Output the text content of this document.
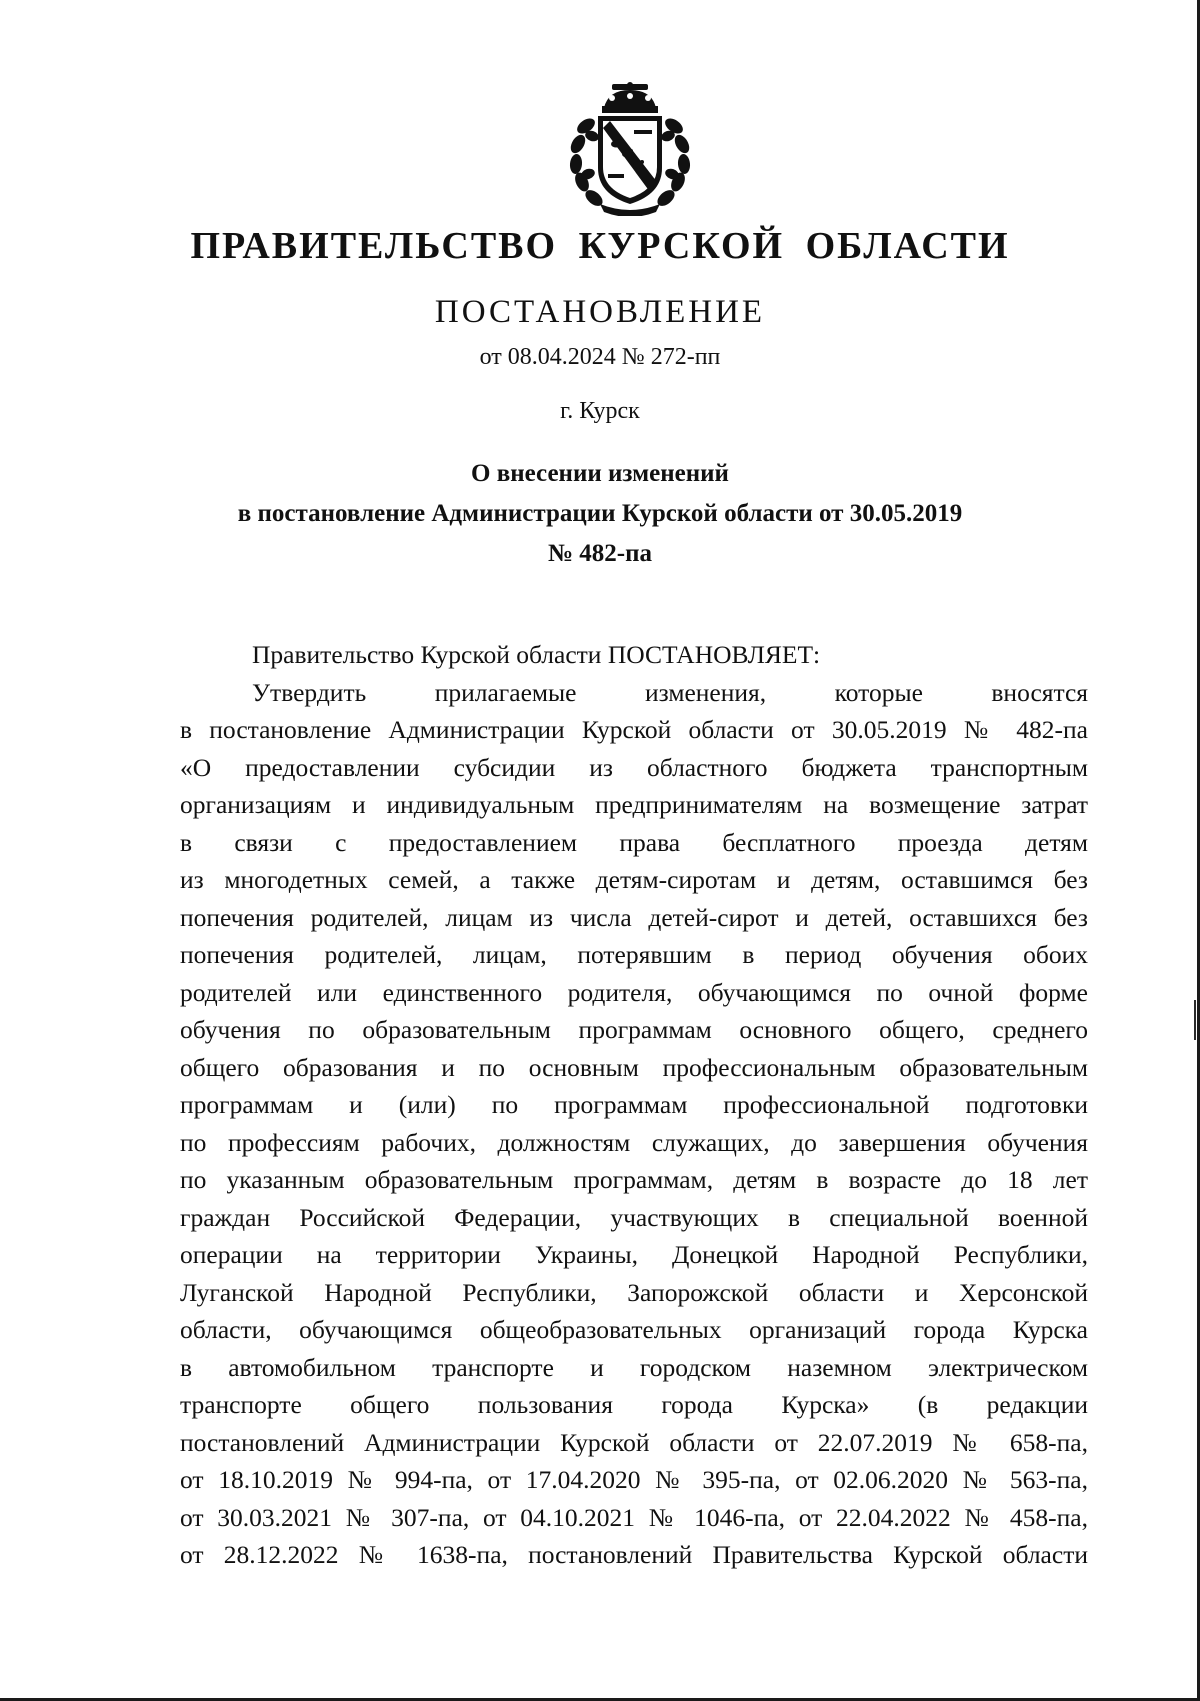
ПРАВИТЕЛЬСТВО КУРСКОЙ ОБЛАСТИ
ПОСТАНОВЛЕНИЕ
от 08.04.2024 № 272-пп
г. Курск
О внесении изменений
в постановление Администрации Курской области от 30.05.2019
№ 482-па
Правительство Курской области ПОСТАНОВЛЯЕТ:
Утвердить прилагаемые изменения, которые вносятся
в постановление Администрации Курской области от 30.05.2019 № 482-па
«О предоставлении субсидии из областного бюджета транспортным
организациям и индивидуальным предпринимателям на возмещение затрат
в связи с предоставлением права бесплатного проезда детям
из многодетных семей, а также детям-сиротам и детям, оставшимся без
попечения родителей, лицам из числа детей-сирот и детей, оставшихся без
попечения родителей, лицам, потерявшим в период обучения обоих
родителей или единственного родителя, обучающимся по очной форме
обучения по образовательным программам основного общего, среднего
общего образования и по основным профессиональным образовательным
программам и (или) по программам профессиональной подготовки
по профессиям рабочих, должностям служащих, до завершения обучения
по указанным образовательным программам, детям в возрасте до 18 лет
граждан Российской Федерации, участвующих в специальной военной
операции на территории Украины, Донецкой Народной Республики,
Луганской Народной Республики, Запорожской области и Херсонской
области, обучающимся общеобразовательных организаций города Курска
в автомобильном транспорте и городском наземном электрическом
транспорте общего пользования города Курска» (в редакции
постановлений Администрации Курской области от 22.07.2019 № 658-па,
от 18.10.2019 № 994-па, от 17.04.2020 № 395-па, от 02.06.2020 № 563-па,
от 30.03.2021 № 307-па, от 04.10.2021 № 1046-па, от 22.04.2022 № 458-па,
от 28.12.2022 № 1638-па, постановлений Правительства Курской области
